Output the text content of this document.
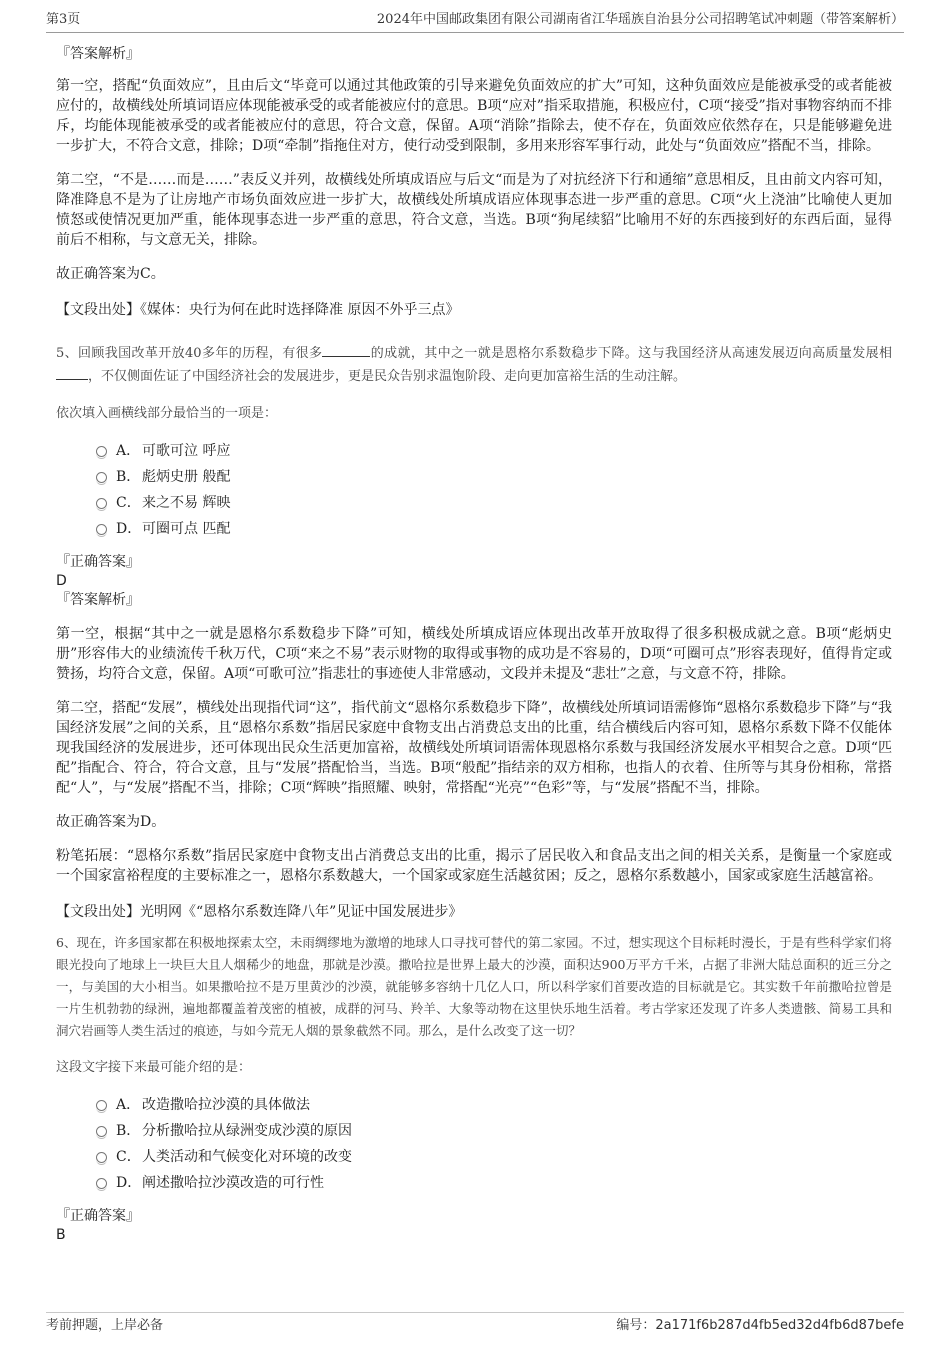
第3页	2024年中国邮政集团有限公司湖南省江华瑶族自治县分公司招聘笔试冲刺题（带答案解析）

『答案解析』

第一空，搭配“负面效应”，且由后文“毕竟可以通过其他政策的引导来避免负面效应的扩大”可知，这种负面效应是能被承受的或者能被应付的，故横线处所填词语应体现能被承受的或者能被应付的意思。B项“应对”指采取措施，积极应付，C项“接受”指对事物容纳而不排斥，均能体现能被承受的或者能被应付的意思，符合文意，保留。A项“消除”指除去，使不存在，负面效应依然存在，只是能够避免进一步扩大，不符合文意，排除；D项“牵制”指拖住对方，使行动受到限制，多用来形容军事行动，此处与“负面效应”搭配不当，排除。

第二空，“不是……而是……”表反义并列，故横线处所填成语应与后文“而是为了对抗经济下行和通缩”意思相反，且由前文内容可知，降准降息不是为了让房地产市场负面效应进一步扩大，故横线处所填成语应体现事态进一步严重的意思。C项“火上浇油”比喻使人更加愤怒或使情况更加严重，能体现事态进一步严重的意思，符合文意，当选。B项“狗尾续貂”比喻用不好的东西接到好的东西后面，显得前后不相称，与文意无关，排除。

故正确答案为C。

【文段出处】《媒体：央行为何在此时选择降准 原因不外乎三点》

5、回顾我国改革开放40多年的历程，有很多	的成就，其中之一就是恩格尔系数稳步下降。这与我国经济从高速发展迈向高质量发展相，不仅侧面佐证了中国经济社会的发展进步，更是民众告别求温饱阶段、走向更加富裕生活的生动注解。

依次填入画横线部分最恰当的一项是：

A． 可歌可泣 呼应
B． 彪炳史册 般配
C．来之不易 辉映
D．可圈可点 匹配
『正确答案』
D
『答案解析』

第一空，根据“其中之一就是恩格尔系数稳步下降”可知，横线处所填成语应体现出改革开放取得了很多积极成就之意。B项“彪炳史册”形容伟大的业绩流传千秋万代，C项“来之不易”表示财物的取得或事物的成功是不容易的，D项“可圈可点”形容表现好，值得肯定或赞扬，均符合文意，保留。A项“可歌可泣”指悲壮的事迹使人非常感动，文段并未提及“悲壮”之意，与文意不符，排除。

第二空，搭配“发展”，横线处出现指代词“这”，指代前文“恩格尔系数稳步下降”，故横线处所填词语需修饰“恩格尔系数稳步下降”与“我国经济发展”之间的关系，且“恩格尔系数”指居民家庭中食物支出占消费总支出的比重，结合横线后内容可知，恩格尔系数下降不仅能体现我国经济的发展进步，还可体现出民众生活更加富裕，故横线处所填词语需体现恩格尔系数与我国经济发展水平相契合之意。D项“匹配”指配合、符合，符合文意，且与“发展”搭配恰当，当选。B项“般配”指结亲的双方相称，也指人的衣着、住所等与其身份相称，常搭配“人”，与“发展”搭配不当，排除；C项“辉映”指照耀、映射，常搭配“光亮”“色彩”等，与“发展”搭配不当，排除。

故正确答案为D。

粉笔拓展：“恩格尔系数”指居民家庭中食物支出占消费总支出的比重，揭示了居民收入和食品支出之间的相关关系，是衡量一个家庭或一个国家富裕程度的主要标准之一，恩格尔系数越大，一个国家或家庭生活越贫困；反之，恩格尔系数越小，国家或家庭生活越富裕。

【文段出处】光明网《“恩格尔系数连降八年”见证中国发展进步》

6、现在，许多国家都在积极地探索太空，未雨绸缪地为激增的地球人口寻找可替代的第二家园。不过，想实现这个目标耗时漫长，于是有些科学家们将眼光投向了地球上一块巨大且人烟稀少的地盘，那就是沙漠。撒哈拉是世界上最大的沙漠，面积达900万平方千米，占据了非洲大陆总面积的近三分之一，与美国的大小相当。如果撒哈拉不是万里黄沙的沙漠，就能够多容纳十几亿人口，所以科学家们首要改造的目标就是它。其实数千年前撒哈拉曾是一片生机勃勃的绿洲，遍地都覆盖着茂密的植被，成群的河马、羚羊、大象等动物在这里快乐地生活着。考古学家还发现了许多人类遗骸、简易工具和洞穴岩画等人类生活过的痕迹，与如今荒无人烟的景象截然不同。那么，是什么改变了这一切？

这段文字接下来最可能介绍的是：

A． 改造撒哈拉沙漠的具体做法
B． 分析撒哈拉从绿洲变成沙漠的原因
C．人类活动和气候变化对环境的改变
D．阐述撒哈拉沙漠改造的可行性
『正确答案』
B
考前押题，上岸必备	编号：2a171f6b287d4fb5ed32d4fb6d87befe
